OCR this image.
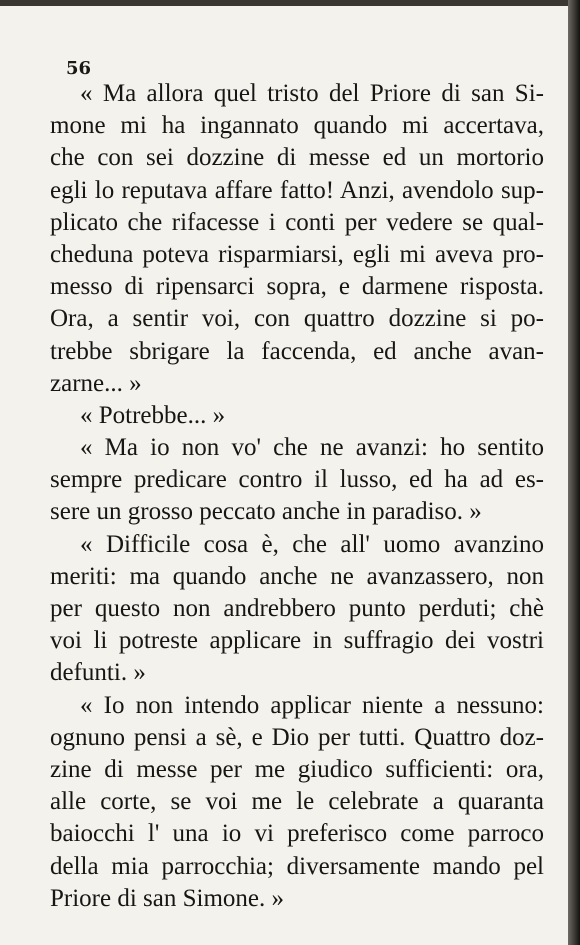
56
« Ma allora quel tristo del Priore di san Si-
mone mi ha ingannato quando mi accertava,
che con sei dozzine di messe ed un mortorio
egli lo reputava affare fatto! Anzi, avendolo sup-
plicato che rifacesse i conti per vedere se qual-
cheduna poteva risparmiarsi, egli mi aveva pro-
messo di ripensarci sopra, e darmene risposta.
Ora, a sentir voi, con quattro dozzine si po-
trebbe sbrigare la faccenda, ed anche avan-
zarne... »
« Potrebbe... »
« Ma io non vo' che ne avanzi: ho sentito
sempre predicare contro il lusso, ed ha ad es-
sere un grosso peccato anche in paradiso. »
« Difficile cosa è, che all' uomo avanzino
meriti: ma quando anche ne avanzassero, non
per questo non andrebbero punto perduti; chè
voi li potreste applicare in suffragio dei vostri
defunti. »
« Io non intendo applicar niente a nessuno:
ognuno pensi a sè, e Dio per tutti. Quattro doz-
zine di messe per me giudico sufficienti: ora,
alle corte, se voi me le celebrate a quaranta
baiocchi l' una io vi preferisco come parroco
della mia parrocchia; diversamente mando pel
Priore di san Simone. »
